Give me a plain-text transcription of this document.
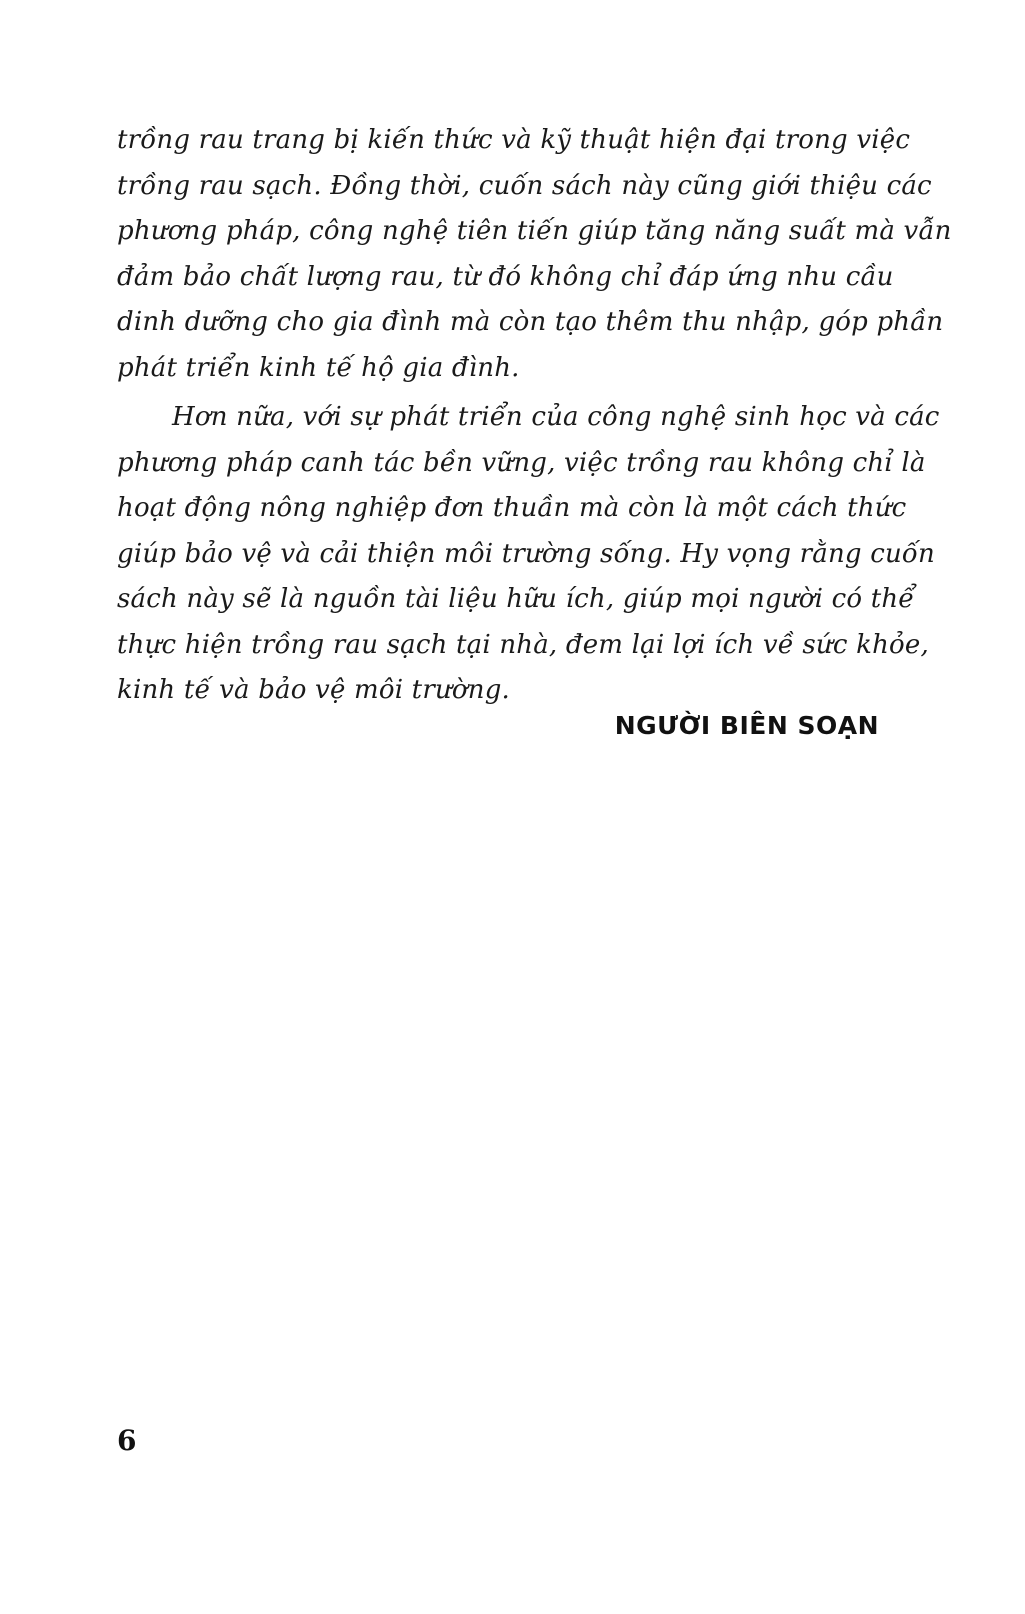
trồng rau trang bị kiến thức và kỹ thuật hiện đại trong việc
trồng rau sạch. Đồng thời, cuốn sách này cũng giới thiệu các
phương pháp, công nghệ tiên tiến giúp tăng năng suất mà vẫn
đảm bảo chất lượng rau, từ đó không chỉ đáp ứng nhu cầu
dinh dưỡng cho gia đình mà còn tạo thêm thu nhập, góp phần
phát triển kinh tế hộ gia đình.
Hơn nữa, với sự phát triển của công nghệ sinh học và các
phương pháp canh tác bền vững, việc trồng rau không chỉ là
hoạt động nông nghiệp đơn thuần mà còn là một cách thức
giúp bảo vệ và cải thiện môi trường sống. Hy vọng rằng cuốn
sách này sẽ là nguồn tài liệu hữu ích, giúp mọi người có thể
thực hiện trồng rau sạch tại nhà, đem lại lợi ích về sức khỏe,
kinh tế và bảo vệ môi trường.
NGƯỜI BIÊN SOẠN
6
